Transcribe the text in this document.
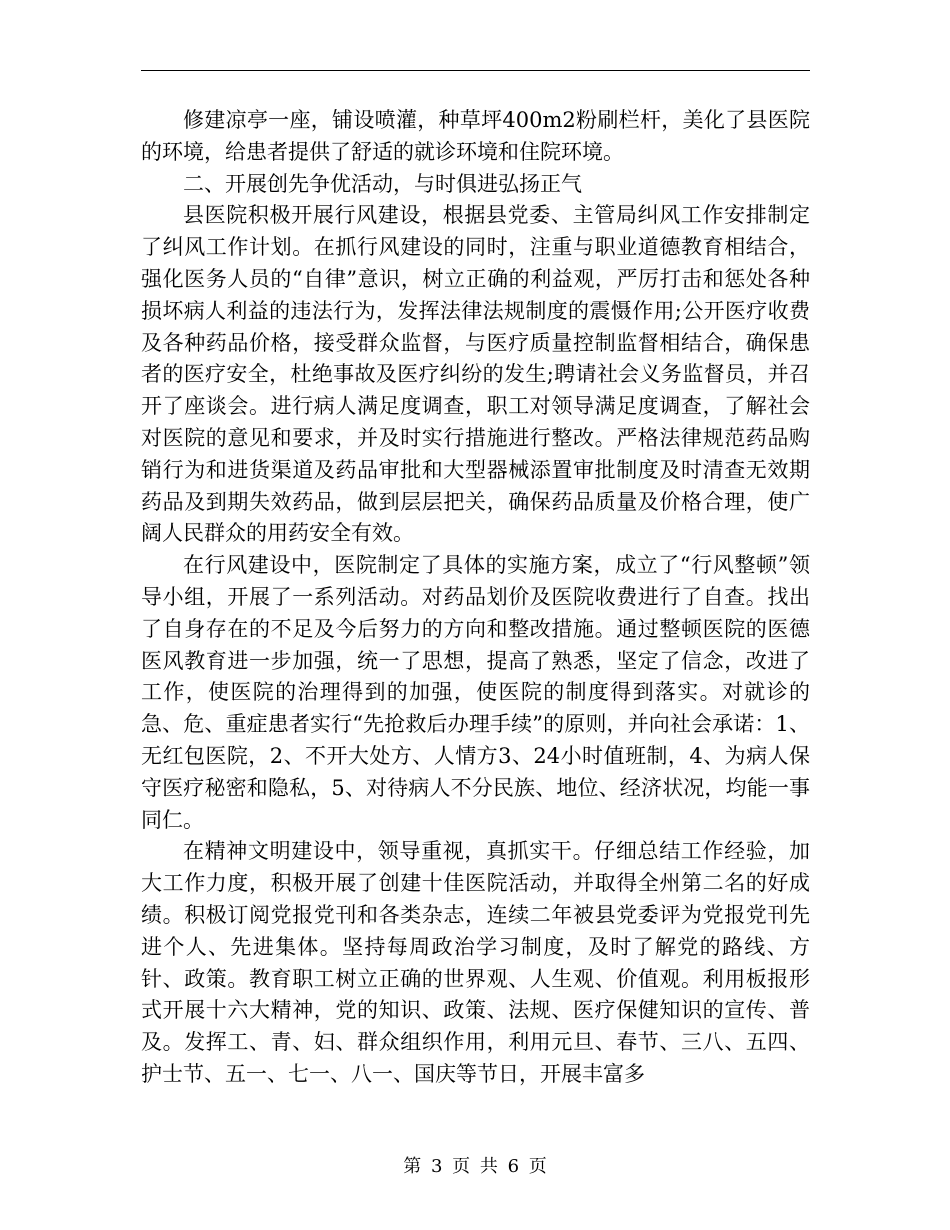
修建凉亭一座，铺设喷灌，种草坪400m2粉刷栏杆，美化了县医院的环境，给患者提供了舒适的就诊环境和住院环境。

二、开展创先争优活动，与时俱进弘扬正气

县医院积极开展行风建设，根据县党委、主管局纠风工作安排制定了纠风工作计划。在抓行风建设的同时，注重与职业道德教育相结合，强化医务人员的“自律”意识，树立正确的利益观，严厉打击和惩处各种损坏病人利益的违法行为，发挥法律法规制度的震慑作用;公开医疗收费及各种药品价格，接受群众监督，与医疗质量控制监督相结合，确保患者的医疗安全，杜绝事故及医疗纠纷的发生;聘请社会义务监督员，并召开了座谈会。进行病人满足度调查，职工对领导满足度调查，了解社会对医院的意见和要求，并及时实行措施进行整改。严格法律规范药品购销行为和进货渠道及药品审批和大型器械添置审批制度及时清查无效期药品及到期失效药品，做到层层把关，确保药品质量及价格合理，使广阔人民群众的用药安全有效。

在行风建设中，医院制定了具体的实施方案，成立了“行风整顿”领导小组，开展了一系列活动。对药品划价及医院收费进行了自查。找出了自身存在的不足及今后努力的方向和整改措施。通过整顿医院的医德医风教育进一步加强，统一了思想，提高了熟悉，坚定了信念，改进了工作，使医院的治理得到的加强，使医院的制度得到落实。对就诊的急、危、重症患者实行“先抢救后办理手续”的原则，并向社会承诺：1、无红包医院，2、不开大处方、人情方3、24小时值班制，4、为病人保守医疗秘密和隐私，5、对待病人不分民族、地位、经济状况，均能一事同仁。

在精神文明建设中，领导重视，真抓实干。仔细总结工作经验，加大工作力度，积极开展了创建十佳医院活动，并取得全州第二名的好成绩。积极订阅党报党刊和各类杂志，连续二年被县党委评为党报党刊先进个人、先进集体。坚持每周政治学习制度，及时了解党的路线、方针、政策。教育职工树立正确的世界观、人生观、价值观。利用板报形式开展十六大精神，党的知识、政策、法规、医疗保健知识的宣传、普及。发挥工、青、妇、群众组织作用，利用元旦、春节、三八、五四、护士节、五一、七一、八一、国庆等节日，开展丰富多

第 3 页 共 6 页
